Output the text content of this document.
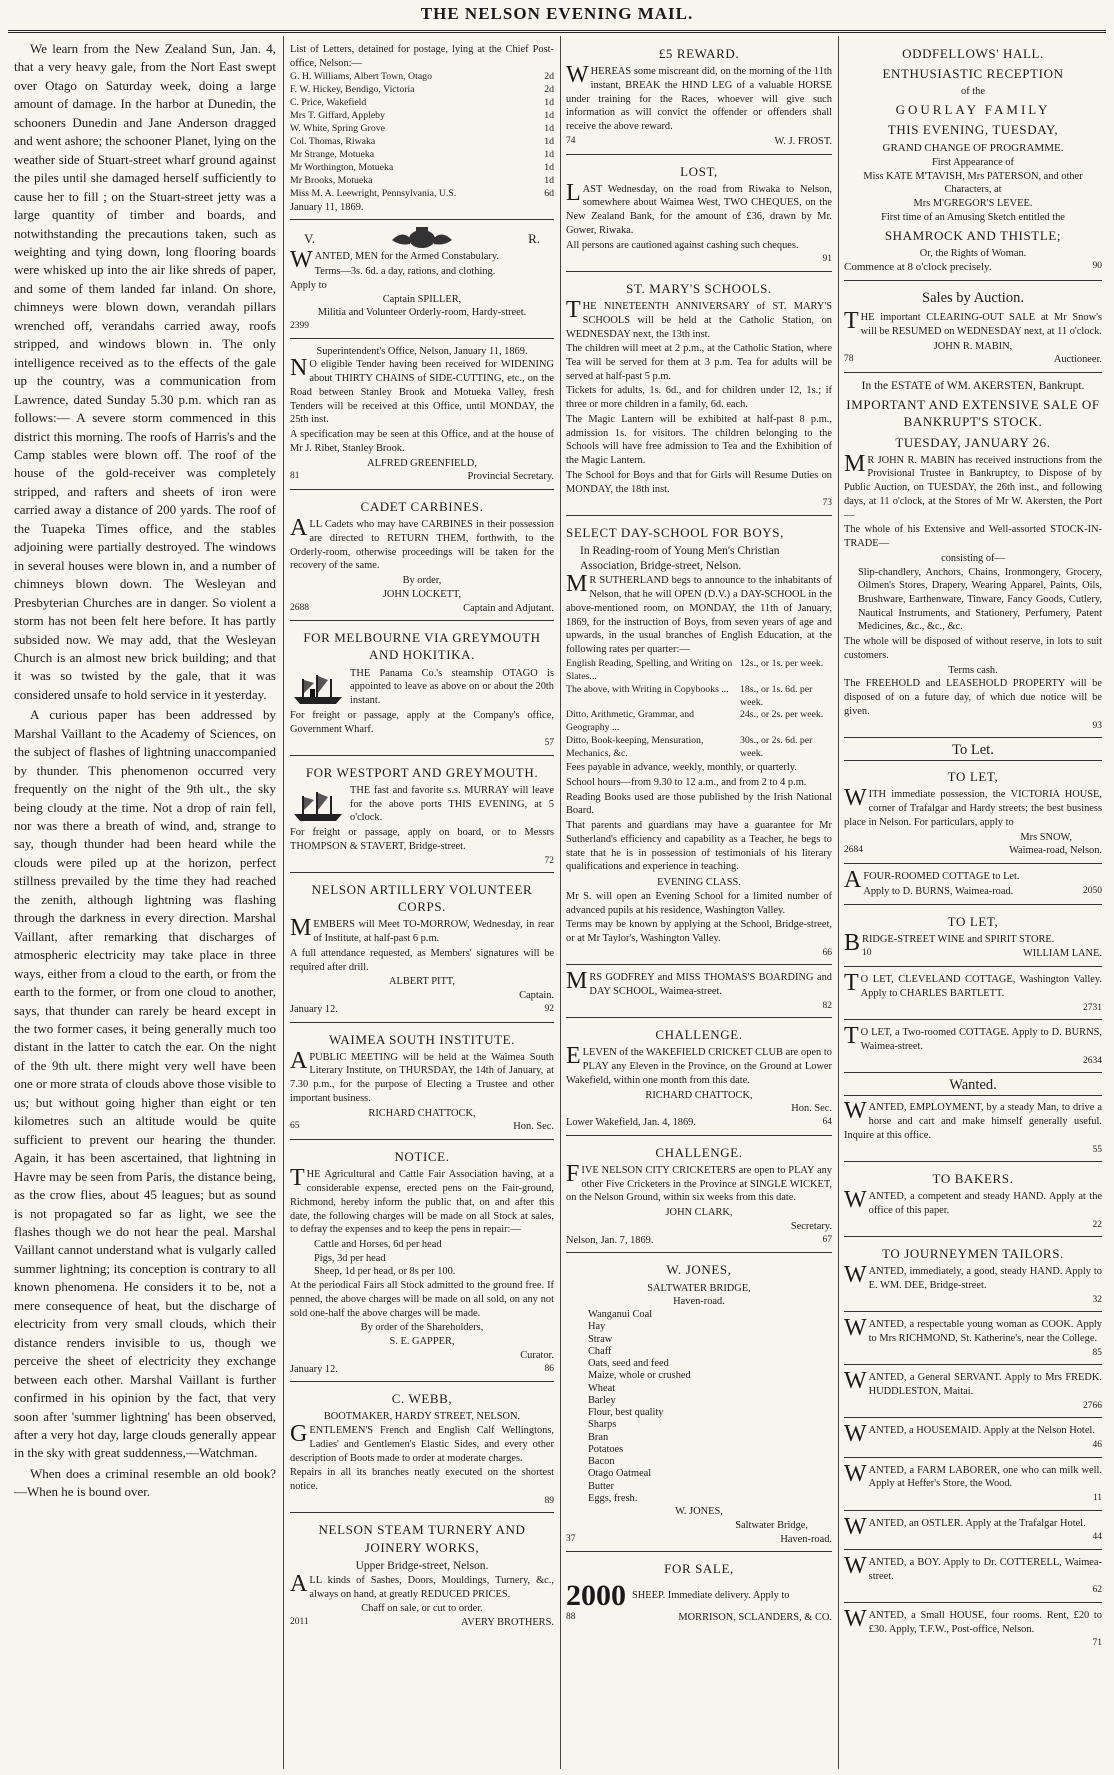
THE NELSON EVENING MAIL.

We learn from the New Zealand Sun, Jan. 4, that a very heavy gale, from the Nort East swept over Otago on Saturday week, doing a large amount of damage. In the harbor at Dunedin, the schooners Dunedin and Jane Anderson dragged and went ashore; the schooner Planet, lying on the weather side of Stuart-street wharf ground against the piles until she damaged herself sufficiently to cause her to fill ; on the Stuart-street jetty was a large quantity of timber and boards, and notwithstanding the precautions taken, such as weighting and tying down, long flooring boards were whisked up into the air like shreds of paper, and some of them landed far inland. On shore, chimneys were blown down, verandah pillars wrenched off, verandahs carried away, roofs stripped, and windows blown in. The only intelligence received as to the effects of the gale up the country, was a communication from Lawrence, dated Sunday 5.30 p.m. which ran as follows:— A severe storm commenced in this district this morning. The roofs of Harris's and the Camp stables were blown off. The roof of the house of the gold-receiver was completely stripped, and rafters and sheets of iron were carried away a distance of 200 yards. The roof of the Tuapeka Times office, and the stables adjoining were partially destroyed. The windows in several houses were blown in, and a number of chimneys blown down. The Wesleyan and Presbyterian Churches are in danger. So violent a storm has not been felt here before. It has partly subsided now. We may add, that the Wesleyan Church is an almost new brick building; and that it was so twisted by the gale, that it was considered unsafe to hold service in it yesterday.

A curious paper has been addressed by Marshal Vaillant to the Academy of Sciences, on the subject of flashes of lightning unaccompanied by thunder. This phenomenon occurred very frequently on the night of the 9th ult., the sky being cloudy at the time. Not a drop of rain fell, nor was there a breath of wind, and, strange to say, though thunder had been heard while the clouds were piled up at the horizon, perfect stillness prevailed by the time they had reached the zenith, although lightning was flashing through the darkness in every direction. Marshal Vaillant, after remarking that discharges of atmospheric electricity may take place in three ways, either from a cloud to the earth, or from the earth to the former, or from one cloud to another, says, that thunder can rarely be heard except in the two former cases, it being generally much too distant in the latter to catch the ear. On the night of the 9th ult. there might very well have been one or more strata of clouds above those visible to us; but without going higher than eight or ten kilometres such an altitude would be quite sufficient to prevent our hearing the thunder. Again, it has been ascertained, that lightning in Havre may be seen from Paris, the distance being, as the crow flies, about 45 leagues; but as sound is not propagated so far as light, we see the flashes though we do not hear the peal. Marshal Vaillant cannot understand what is vulgarly called summer lightning; its conception is contrary to all known phenomena. He considers it to be, not a mere consequence of heat, but the discharge of electricity from very small clouds, which their distance renders invisible to us, though we perceive the sheet of electricity they exchange between each other. Marshal Vaillant is further confirmed in his opinion by the fact, that very soon after 'summer lightning' has been observed, after a very hot day, large clouds generally appear in the sky with great suddenness,—Watchman.

When does a criminal resemble an old book?—When he is bound over.

List of Letters, detained for postage, lying at the Chief Post-office, Nelson:—
G. H. Williams, Albert Town, Otago	2d
F. W. Hickey, Bendigo, Victoria	2d
C. Price, Wakefield	1d
Mrs T. Giffard, Appleby	1d
W. White, Spring Grove	1d
Col. Thomas, Riwaka	1d
Mr Strange, Motueka	1d
Mr Worthington, Motueka	1d
Mr Brooks, Motueka	1d
Miss M. A. Leewright, Pennsylvania, U.S.	6d
January 11, 1869.
V.	R.
WANTED, MEN for the Armed Constabulary.
Terms—3s. 6d. a day, rations, and clothing.
Apply to
Captain SPILLER,
Militia and Volunteer Orderly-room, Hardy-street.
2399
Superintendent's Office, Nelson, January 11, 1869.
NO eligible Tender having been received for WIDENING about THIRTY CHAINS of SIDE-CUTTING, etc., on the Road between Stanley Brook and Motueka Valley, fresh Tenders will be received at this Office, until MONDAY, the 25th inst.
A specification may be seen at this Office, and at the house of Mr J. Ribet, Stanley Brook.
ALFRED GREENFIELD,
81	Provincial Secretary.
CADET CARBINES.
ALL Cadets who may have CARBINES in their possession are directed to RETURN THEM, forthwith, to the Orderly-room, otherwise proceedings will be taken for the recovery of the same.
By order,
JOHN LOCKETT,
2688	Captain and Adjutant.
FOR MELBOURNE VIA GREYMOUTH AND HOKITIKA.
THE Panama Co.'s steamship OTAGO is appointed to leave as above on or about the 20th instant.
For freight or passage, apply at the Company's office, Government Wharf.
57
FOR WESTPORT AND GREYMOUTH.
THE fast and favorite s.s. MURRAY will leave for the above ports THIS EVENING, at 5 o'clock.
For freight or passage, apply on board, or to Messrs THOMPSON & STAVERT, Bridge-street.
72
NELSON ARTILLERY VOLUNTEER CORPS.
MEMBERS will Meet TO-MORROW, Wednesday, in rear of Institute, at half-past 6 p.m.
A full attendance requested, as Members' signatures will be required after drill.
ALBERT PITT,
Captain.
January 12.	92
WAIMEA SOUTH INSTITUTE.
APUBLIC MEETING will be held at the Waimea South Literary Institute, on THURSDAY, the 14th of January, at 7.30 p.m., for the purpose of Electing a Trustee and other important business.
RICHARD CHATTOCK,
65	Hon. Sec.
NOTICE.
THE Agricultural and Cattle Fair Association having, at a considerable expense, erected pens on the Fair-ground, Richmond, hereby inform the public that, on and after this date, the following charges will be made on all Stock at sales, to defray the expenses and to keep the pens in repair:—
Cattle and Horses, 6d per head
Pigs, 3d per head
Sheep, 1d per head, or 8s per 100.
At the periodical Fairs all Stock admitted to the ground free. If penned, the above charges will be made on all sold, on any not sold one-half the above charges will be made.
By order of the Shareholders,
S. E. GAPPER,
Curator.
January 12.	86
C. WEBB,
BOOTMAKER, HARDY STREET, NELSON.
GENTLEMEN'S French and English Calf Wellingtons, Ladies' and Gentlemen's Elastic Sides, and every other description of Boots made to order at moderate charges.
Repairs in all its branches neatly executed on the shortest notice.
89
NELSON STEAM TURNERY AND JOINERY WORKS,
Upper Bridge-street, Nelson.
ALL kinds of Sashes, Doors, Mouldings, Turnery, &c., always on hand, at greatly REDUCED PRICES.
Chaff on sale, or cut to order.
2011	AVERY BROTHERS.
£5 REWARD.
WHEREAS some miscreant did, on the morning of the 11th instant, BREAK the HIND LEG of a valuable HORSE under training for the Races, whoever will give such information as will convict the offender or offenders shall receive the above reward.
74	W. J. FROST.
LOST,
LAST Wednesday, on the road from Riwaka to Nelson, somewhere about Waimea West, TWO CHEQUES, on the New Zealand Bank, for the amount of £36, drawn by Mr. Gower, Riwaka.
All persons are cautioned against cashing such cheques.
91
ST. MARY'S SCHOOLS.
THE NINETEENTH ANNIVERSARY of ST. MARY'S SCHOOLS will be held at the Catholic Station, on WEDNESDAY next, the 13th inst.
The children will meet at 2 p.m., at the Catholic Station, where Tea will be served for them at 3 p.m. Tea for adults will be served at half-past 5 p.m.
Tickets for adults, 1s. 6d., and for children under 12, 1s.; if three or more children in a family, 6d. each.
The Magic Lantern will be exhibited at half-past 8 p.m., admission 1s. for visitors. The children belonging to the Schools will have free admission to Tea and the Exhibition of the Magic Lantern.
The School for Boys and that for Girls will Resume Duties on MONDAY, the 18th inst.
73
SELECT DAY-SCHOOL FOR BOYS,
In Reading-room of Young Men's Christian Association, Bridge-street, Nelson.
MR SUTHERLAND begs to announce to the inhabitants of Nelson, that he will OPEN (D.V.) a DAY-SCHOOL in the above-mentioned room, on MONDAY, the 11th of January, 1869, for the instruction of Boys, from seven years of age and upwards, in the usual branches of English Education, at the following rates per quarter:—
English Reading, Spelling, and Writing on Slates...
12s., or 1s. per week.
The above, with Writing in Copybooks ...	18s., or 1s. 6d. per week.
Ditto, Arithmetic, Grammar, and Geography ...
24s., or 2s. per week.
Ditto, Book-keeping, Mensuration, Mechanics, &c.
30s., or 2s. 6d. per week.
Fees payable in advance, weekly, monthly, or quarterly.
School hours—from 9.30 to 12 a.m., and from 2 to 4 p.m.
Reading Books used are those published by the Irish National Board.
That parents and guardians may have a guarantee for Mr Sutherland's efficiency and capability as a Teacher, he begs to state that he is in possession of testimonials of his literary qualifications and experience in teaching.
EVENING CLASS.
Mr S. will open an Evening School for a limited number of advanced pupils at his residence, Washington Valley.
Terms may be known by applying at the School, Bridge-street, or at Mr Taylor's, Washington Valley.
66
MRS GODFREY and MISS THOMAS'S BOARDING and DAY SCHOOL, Waimea-street.
82
CHALLENGE.
ELEVEN of the WAKEFIELD CRICKET CLUB are open to PLAY any Eleven in the Province, on the Ground at Lower Wakefield, within one month from this date.
RICHARD CHATTOCK,
Hon. Sec.
Lower Wakefield, Jan. 4, 1869.	64
CHALLENGE.
FIVE NELSON CITY CRICKETERS are open to PLAY any other Five Cricketers in the Province at SINGLE WICKET, on the Nelson Ground, within six weeks from this date.
JOHN CLARK,
Secretary.
Nelson, Jan. 7, 1869.	67
W. JONES,
SALTWATER BRIDGE,
Haven-road.
Wanganui Coal
Hay
Straw
Chaff
Oats, seed and feed
Maize, whole or crushed
Wheat
Barley
Flour, best quality
Sharps
Bran
Potatoes
Bacon
Otago Oatmeal
Butter
Eggs, fresh.
W. JONES,
Saltwater Bridge,
37	Haven-road.
FOR SALE,
2000 SHEEP. Immediate delivery. Apply to
88	MORRISON, SCLANDERS, & CO.
ODDFELLOWS' HALL.
ENTHUSIASTIC RECEPTION
of the
GOURLAY FAMILY
THIS EVENING, TUESDAY,
GRAND CHANGE OF PROGRAMME.
First Appearance of
Miss KATE M'TAVISH, Mrs PATERSON, and other Characters, at
Mrs M'GREGOR'S LEVEE.
First time of an Amusing Sketch entitled the
SHAMROCK AND THISTLE;
Or, the Rights of Woman.
Commence at 8 o'clock precisely.	90
Sales by Auction.
THE important CLEARING-OUT SALE at Mr Snow's will be RESUMED on WEDNESDAY next, at 11 o'clock.
JOHN R. MABIN,
78	Auctioneer.
In the ESTATE of WM. AKERSTEN, Bankrupt.
IMPORTANT AND EXTENSIVE SALE OF BANKRUPT'S STOCK.
TUESDAY, JANUARY 26.
MR JOHN R. MABIN has received instructions from the Provisional Trustee in Bankruptcy, to Dispose of by Public Auction, on TUESDAY, the 26th inst., and following days, at 11 o'clock, at the Stores of Mr W. Akersten, the Port—
The whole of his Extensive and Well-assorted STOCK-IN-TRADE—
consisting of—
Slip-chandlery, Anchors, Chains, Ironmongery, Grocery, Oilmen's Stores, Drapery, Wearing Apparel, Paints, Oils, Brushware, Earthenware, Tinware, Fancy Goods, Cutlery, Nautical Instruments, and Stationery, Perfumery, Patent Medicines, &c., &c., &c.
The whole will be disposed of without reserve, in lots to suit customers.
Terms cash.
The FREEHOLD and LEASEHOLD PROPERTY will be disposed of on a future day, of which due notice will be given.
93
To Let.
TO LET,
WITH immediate possession, the VICTORIA HOUSE, corner of Trafalgar and Hardy streets; the best business place in Nelson. For particulars, apply to
Mrs SNOW,
2684	Waimea-road, Nelson.
AFOUR-ROOMED COTTAGE to Let.
Apply to D. BURNS, Waimea-road.	2050
TO LET,
BRIDGE-STREET WINE and SPIRIT STORE.
10	WILLIAM LANE.
TO LET, CLEVELAND COTTAGE, Washington Valley. Apply to CHARLES BARTLETT.
2731
TO LET, a Two-roomed COTTAGE. Apply to D. BURNS, Waimea-street.
2634
Wanted.
WANTED, EMPLOYMENT, by a steady Man, to drive a horse and cart and make himself generally useful. Inquire at this office.
55
TO BAKERS.
WANTED, a competent and steady HAND. Apply at the office of this paper.
22
TO JOURNEYMEN TAILORS.
WANTED, immediately, a good, steady HAND. Apply to E. WM. DEE, Bridge-street.
32
WANTED, a respectable young woman as COOK. Apply to Mrs RICHMOND, St. Katherine's, near the College.
85
WANTED, a General SERVANT. Apply to Mrs FREDK. HUDDLESTON, Maitai.
2766
WANTED, a HOUSEMAID. Apply at the Nelson Hotel.
46
WANTED, a FARM LABORER, one who can milk well. Apply at Heffer's Store, the Wood.
11
WANTED, an OSTLER. Apply at the Trafalgar Hotel.
44
WANTED, a BOY. Apply to Dr. COTTERELL, Waimea-street.
62
WANTED, a Small HOUSE, four rooms. Rent, £20 to £30. Apply, T.F.W., Post-office, Nelson.
71
